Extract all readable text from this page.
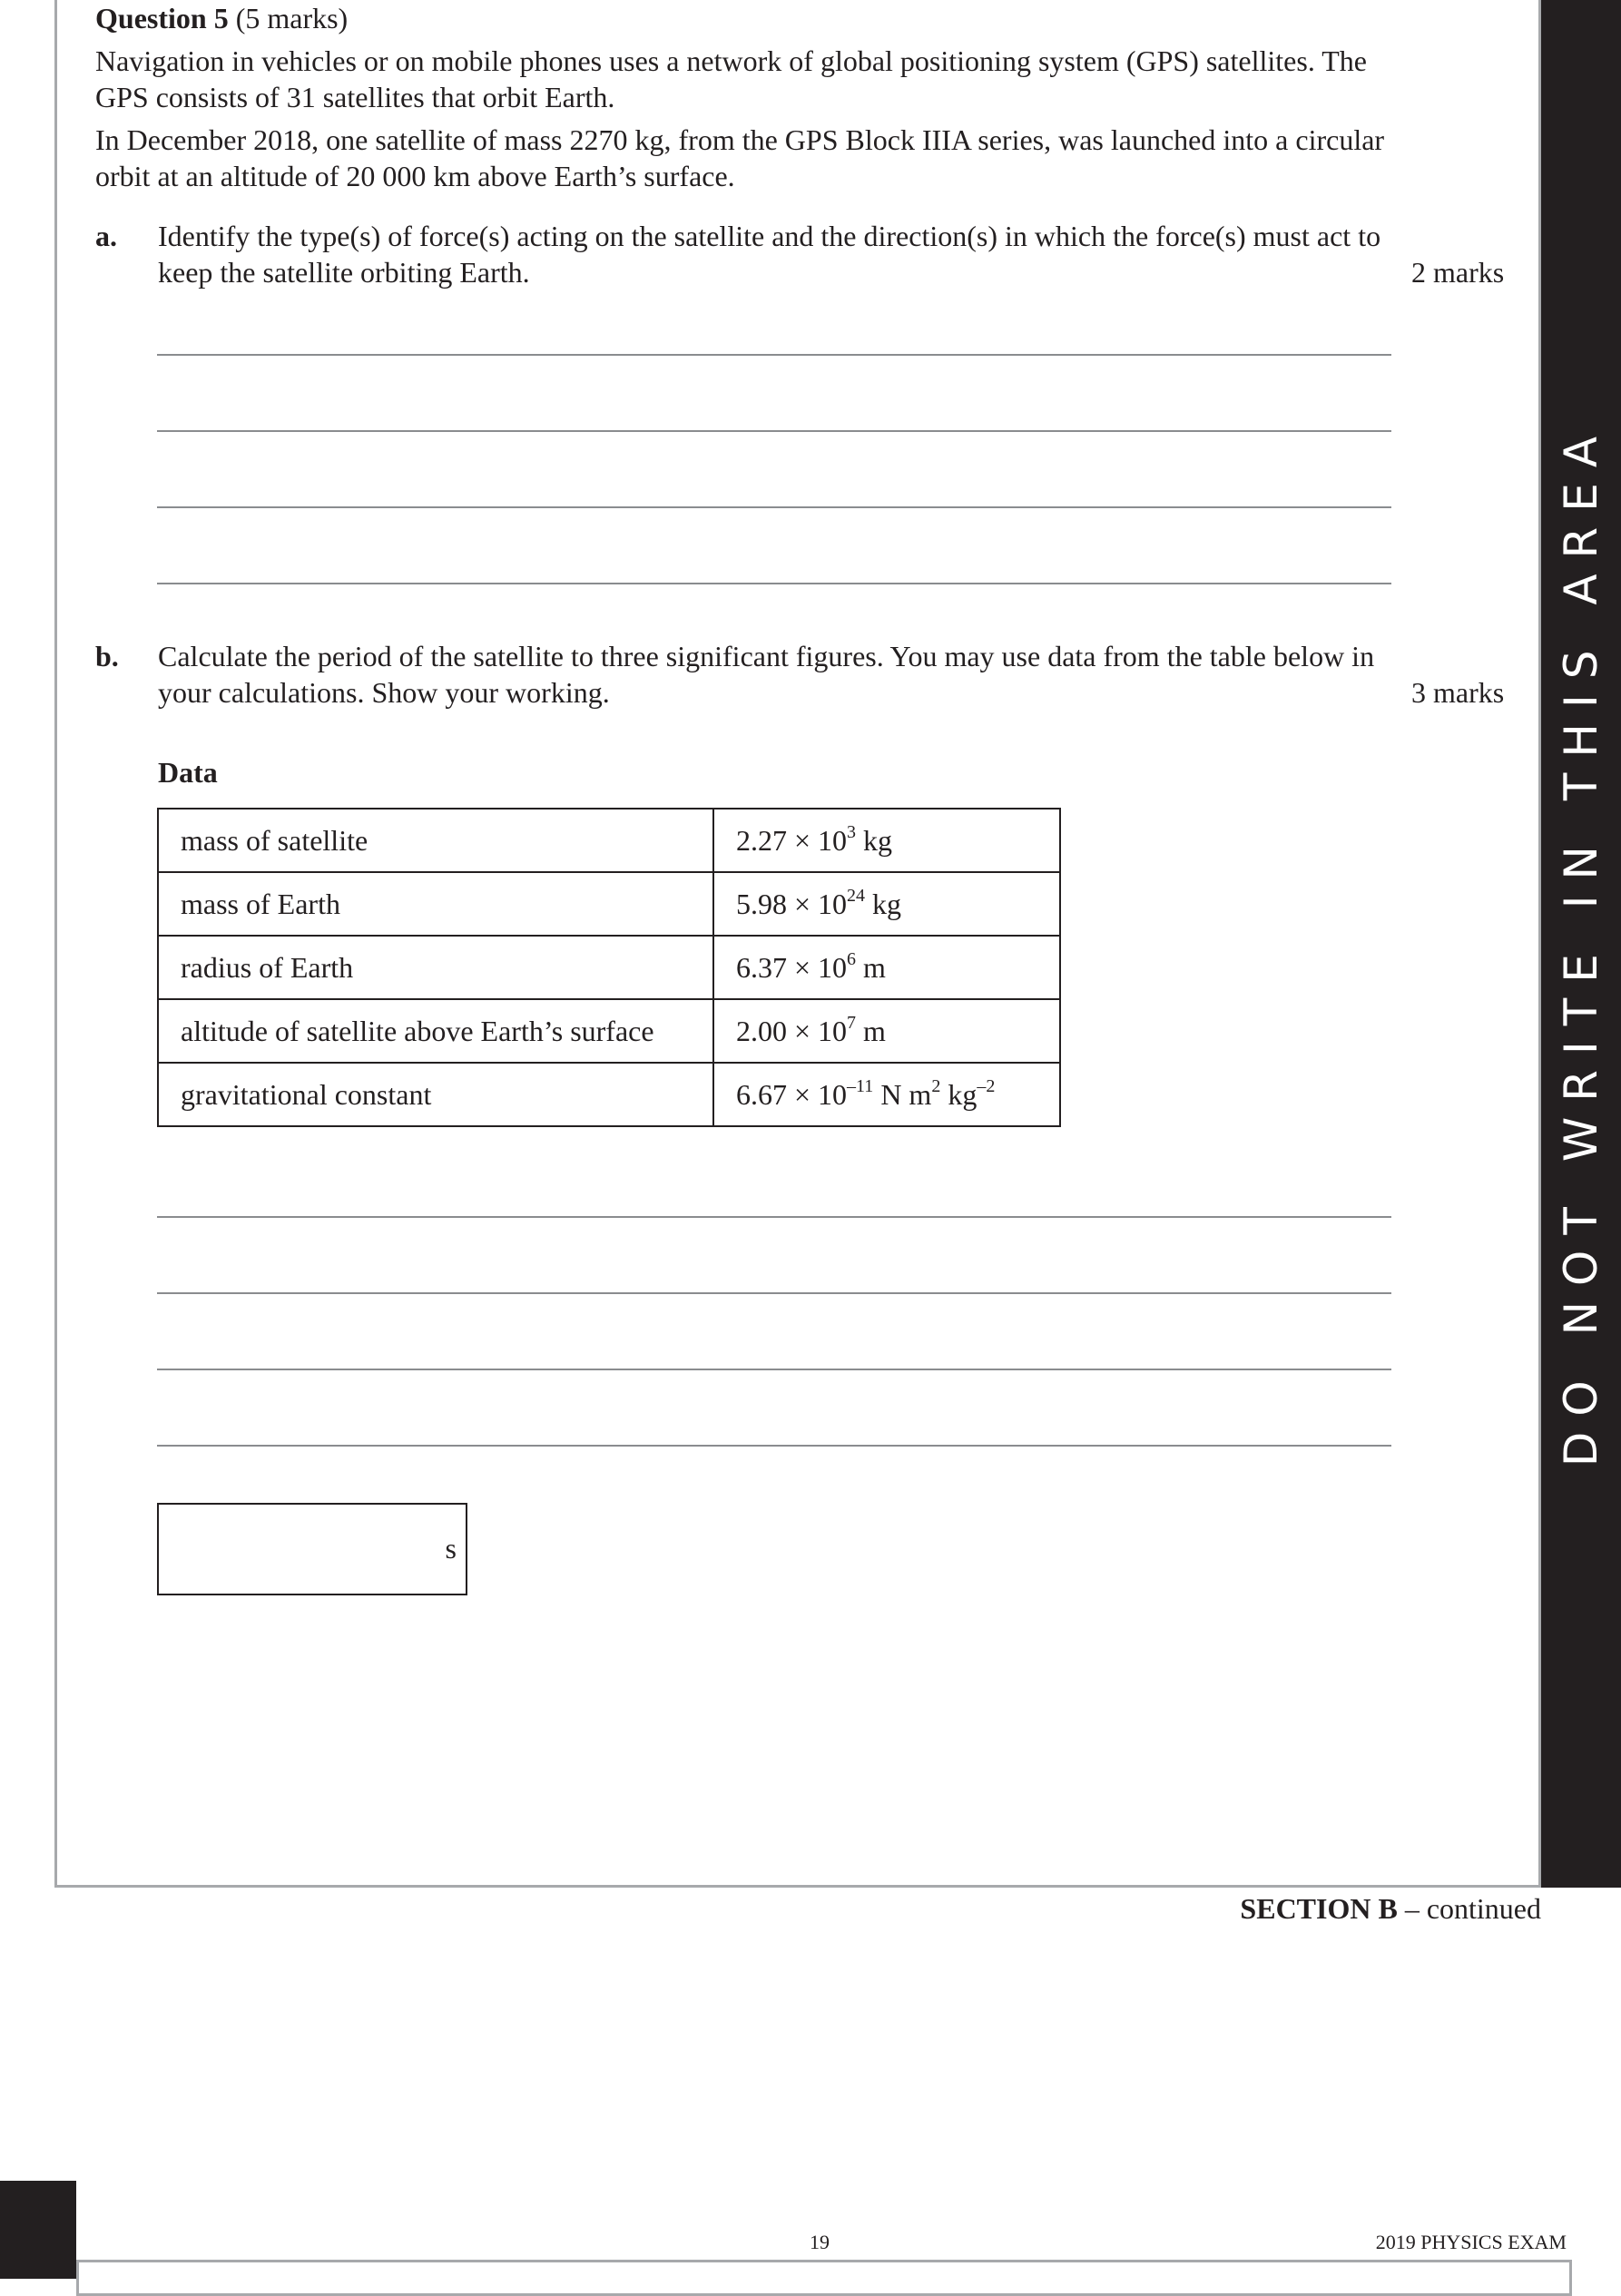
DO NOT WRITE IN THIS AREA
Question 5 (5 marks)

Navigation in vehicles or on mobile phones uses a network of global positioning system (GPS) satellites. The GPS consists of 31 satellites that orbit Earth.

In December 2018, one satellite of mass 2270 kg, from the GPS Block IIIA series, was launched into a circular orbit at an altitude of 20 000 km above Earth’s surface.

a. Identify the type(s) of force(s) acting on the satellite and the direction(s) in which the force(s) must act to keep the satellite orbiting Earth.	2 marks
b. Calculate the period of the satellite to three significant figures. You may use data from the table below in your calculations. Show your working.	3 marks
Data
mass of satellite	$2.27 \times 10^3$ kg
mass of Earth	$5.98 \times 10^{24}$ kg
radius of Earth	$6.37 \times 10^6$ m
altitude of satellite above Earth’s surface	$2.00 \times 10^7$ m
gravitational constant	$6.67 \times 10^{-11}$ N $m^2$ $kg^{-2}$
s
SECTION B – continued
19	2019 PHYSICS EXAM
